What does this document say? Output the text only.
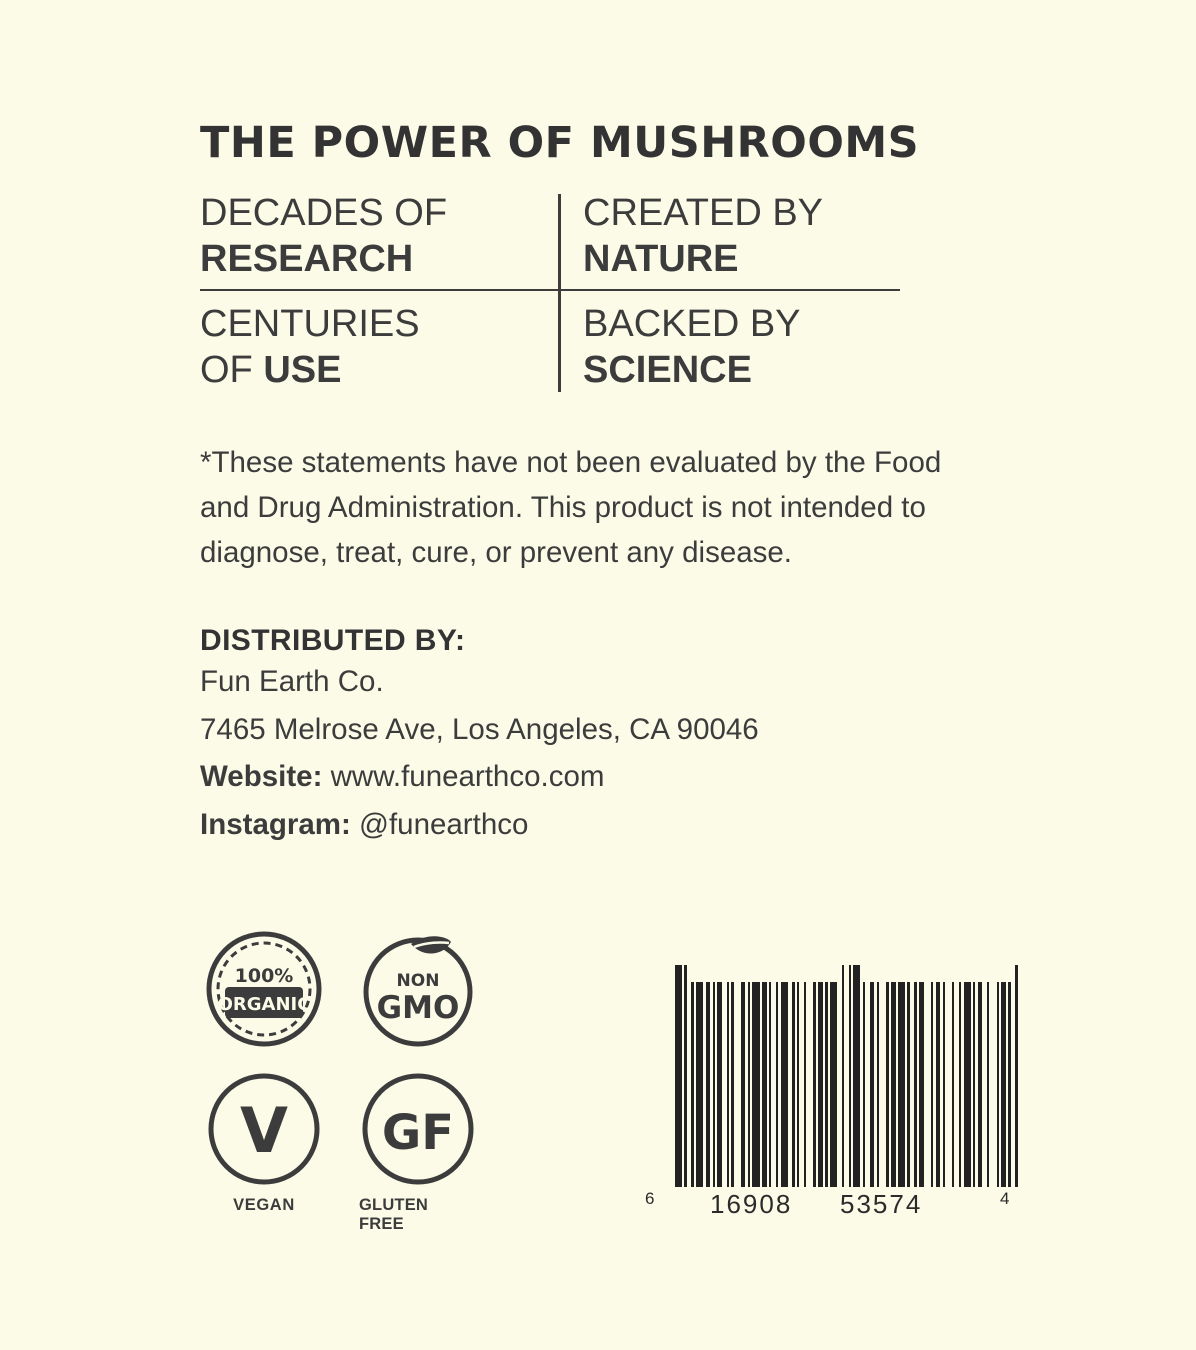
THE POWER OF MUSHROOMS
DECADES OF
RESEARCH
CREATED BY
NATURE
CENTURIES
OF USE
BACKED BY
SCIENCE

*These statements have not been evaluated by the Food and Drug Administration. This product is not intended to diagnose, treat, cure, or prevent any disease.

DISTRIBUTED BY:
Fun Earth Co.
7465 Melrose Ave, Los Angeles, CA 90046
Website: www.funearthco.com
Instagram: @funearthco
100%
ORGANIC
NON
GMO
V
VEGAN
GF
GLUTEN FREE
6 16908 53574	4
